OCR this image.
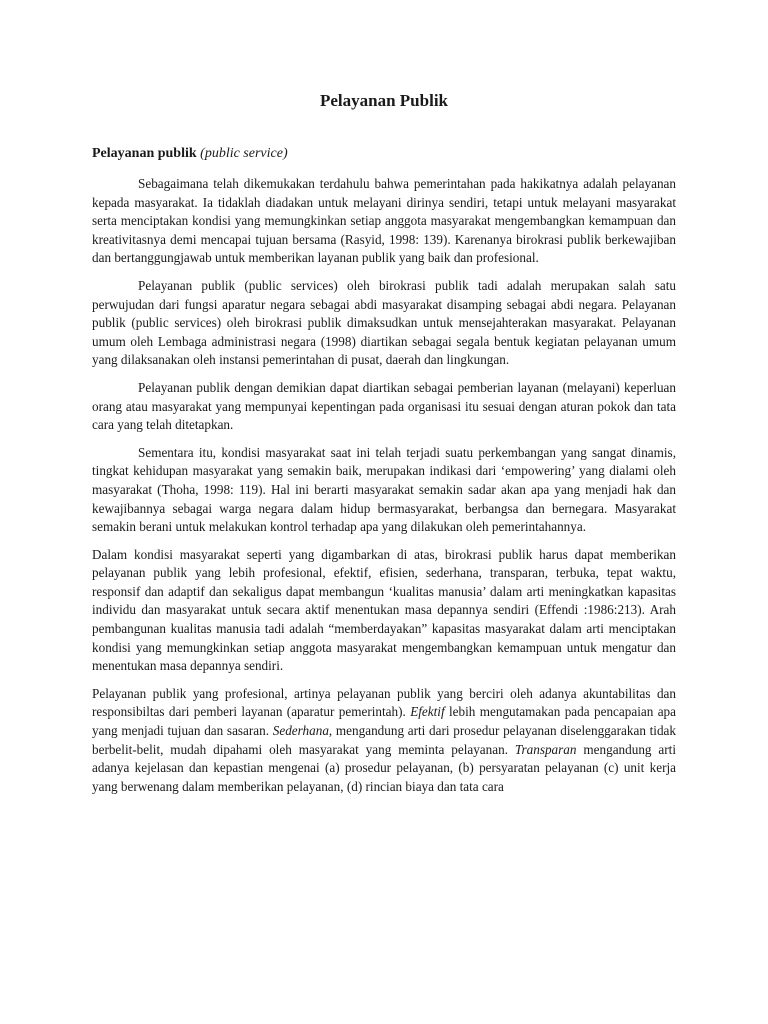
Pelayanan Publik
Pelayanan publik (public service)

Sebagaimana telah dikemukakan terdahulu bahwa pemerintahan pada hakikatnya adalah pelayanan kepada masyarakat. Ia tidaklah diadakan untuk melayani dirinya sendiri, tetapi untuk melayani masyarakat serta menciptakan kondisi yang memungkinkan setiap anggota masyarakat mengembangkan kemampuan dan kreativitasnya demi mencapai tujuan bersama (Rasyid, 1998: 139). Karenanya birokrasi publik berkewajiban dan bertanggungjawab untuk memberikan layanan publik yang baik dan profesional.

Pelayanan publik (public services) oleh birokrasi publik tadi adalah merupakan salah satu perwujudan dari fungsi aparatur negara sebagai abdi masyarakat disamping sebagai abdi negara. Pelayanan publik (public services) oleh birokrasi publik dimaksudkan untuk mensejahterakan masyarakat. Pelayanan umum oleh Lembaga administrasi negara (1998) diartikan sebagai segala bentuk kegiatan pelayanan umum yang dilaksanakan oleh instansi pemerintahan di pusat, daerah dan lingkungan.

Pelayanan publik dengan demikian dapat diartikan sebagai pemberian layanan (melayani) keperluan orang atau masyarakat yang mempunyai kepentingan pada organisasi itu sesuai dengan aturan pokok dan tata cara yang telah ditetapkan.

Sementara itu, kondisi masyarakat saat ini telah terjadi suatu perkembangan yang sangat dinamis, tingkat kehidupan masyarakat yang semakin baik, merupakan indikasi dari ‘empowering’ yang dialami oleh masyarakat (Thoha, 1998: 119). Hal ini berarti masyarakat semakin sadar akan apa yang menjadi hak dan kewajibannya sebagai warga negara dalam hidup bermasyarakat, berbangsa dan bernegara. Masyarakat semakin berani untuk melakukan kontrol terhadap apa yang dilakukan oleh pemerintahannya.

Dalam kondisi masyarakat seperti yang digambarkan di atas, birokrasi publik harus dapat memberikan pelayanan publik yang lebih profesional, efektif, efisien, sederhana, transparan, terbuka, tepat waktu, responsif dan adaptif dan sekaligus dapat membangun ‘kualitas manusia’ dalam arti meningkatkan kapasitas individu dan masyarakat untuk secara aktif menentukan masa depannya sendiri (Effendi :1986:213). Arah pembangunan kualitas manusia tadi adalah “memberdayakan” kapasitas masyarakat dalam arti menciptakan kondisi yang memungkinkan setiap anggota masyarakat mengembangkan kemampuan untuk mengatur dan menentukan masa depannya sendiri.

Pelayanan publik yang profesional, artinya pelayanan publik yang berciri oleh adanya akuntabilitas dan responsibiltas dari pemberi layanan (aparatur pemerintah). Efektif lebih mengutamakan pada pencapaian apa yang menjadi tujuan dan sasaran. Sederhana, mengandung arti dari prosedur pelayanan diselenggarakan tidak berbelit-belit, mudah dipahami oleh masyarakat yang meminta pelayanan. Transparan mengandung arti adanya kejelasan dan kepastian mengenai (a) prosedur pelayanan, (b) persyaratan pelayanan (c) unit kerja yang berwenang dalam memberikan pelayanan, (d) rincian biaya dan tata cara
